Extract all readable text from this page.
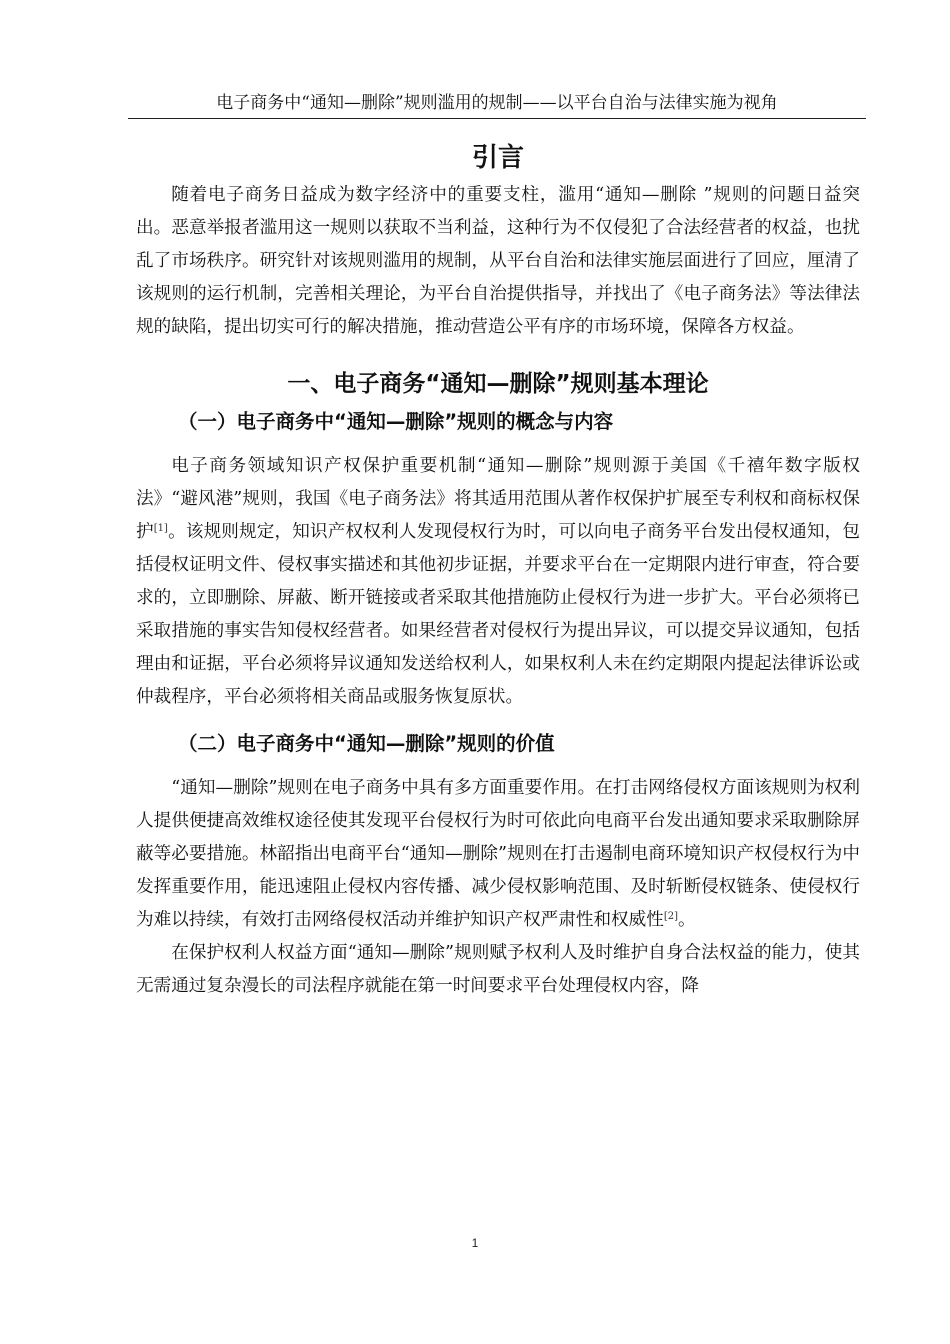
电子商务中“通知—删除”规则滥用的规制——以平台自治与法律实施为视角
引言

随着电子商务日益成为数字经济中的重要支柱，滥用“通知—删除 ”规则的问题日益突出。恶意举报者滥用这一规则以获取不当利益，这种行为不仅侵犯了合法经营者的权益，也扰乱了市场秩序。研究针对该规则滥用的规制，从平台自治和法律实施层面进行了回应，厘清了该规则的运行机制，完善相关理论，为平台自治提供指导，并找出了《电子商务法》等法律法规的缺陷，提出切实可行的解决措施，推动营造公平有序的市场环境，保障各方权益。

一、电子商务“通知—删除”规则基本理论
（一）电子商务中“通知—删除”规则的概念与内容

电子商务领域知识产权保护重要机制“通知—删除”规则源于美国《千禧年数字版权法》“避风港”规则，我国《电子商务法》将其适用范围从著作权保护扩展至专利权和商标权保护[1]。该规则规定，知识产权权利人发现侵权行为时，可以向电子商务平台发出侵权通知，包括侵权证明文件、侵权事实描述和其他初步证据，并要求平台在一定期限内进行审查，符合要求的，立即删除、屏蔽、断开链接或者采取其他措施防止侵权行为进一步扩大。平台必须将已采取措施的事实告知侵权经营者。如果经营者对侵权行为提出异议，可以提交异议通知，包括理由和证据，平台必须将异议通知发送给权利人，如果权利人未在约定期限内提起法律诉讼或仲裁程序，平台必须将相关商品或服务恢复原状。

（二）电子商务中“通知—删除”规则的价值

“通知—删除”规则在电子商务中具有多方面重要作用。在打击网络侵权方面该规则为权利人提供便捷高效维权途径使其发现平台侵权行为时可依此向电商平台发出通知要求采取删除屏蔽等必要措施。林韶指出电商平台“通知—删除”规则在打击遏制电商环境知识产权侵权行为中发挥重要作用，能迅速阻止侵权内容传播、减少侵权影响范围、及时斩断侵权链条、使侵权行为难以持续，有效打击网络侵权活动并维护知识产权严肃性和权威性[2]。

在保护权利人权益方面“通知—删除”规则赋予权利人及时维护自身合法权益的能力，使其无需通过复杂漫长的司法程序就能在第一时间要求平台处理侵权内容，降

1
